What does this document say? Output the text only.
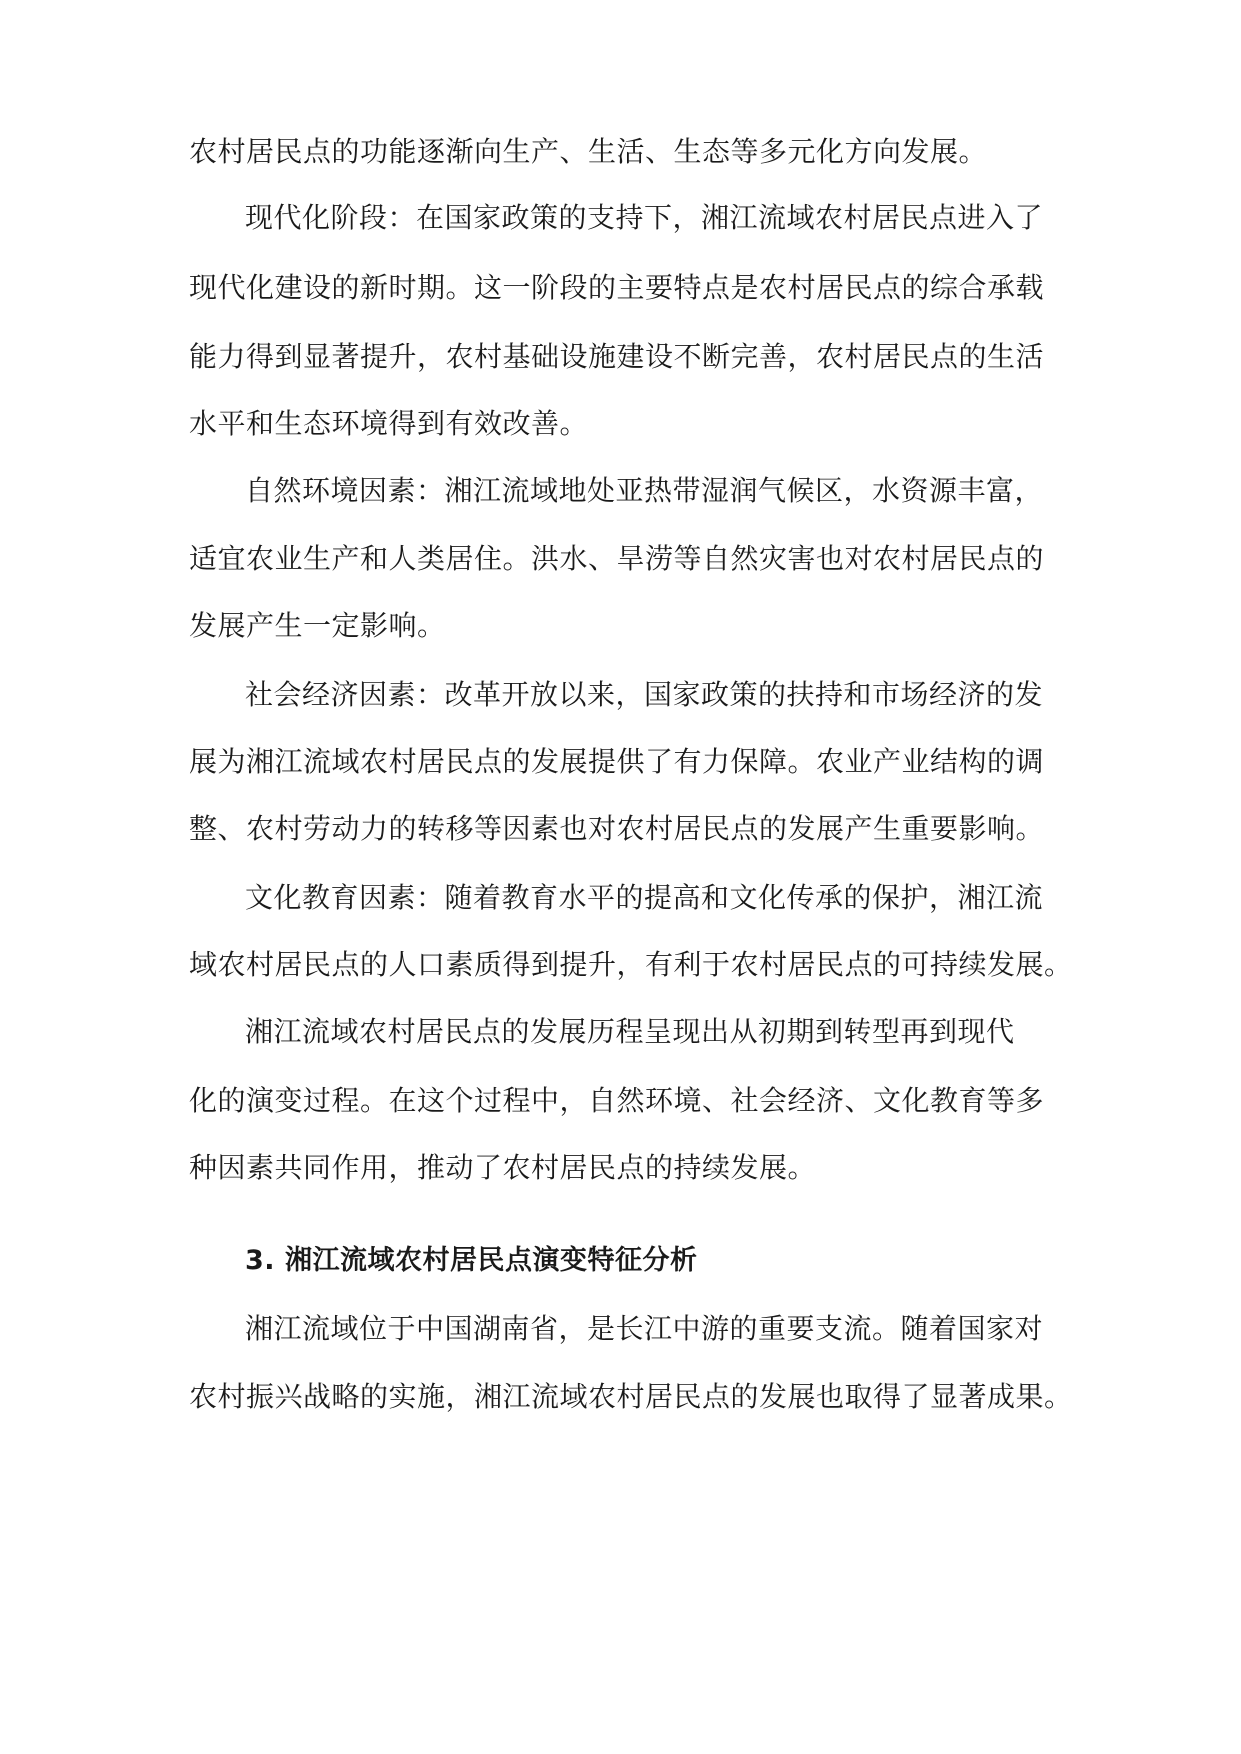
农村居民点的功能逐渐向生产、生活、生态等多元化方向发展。
现代化阶段：在国家政策的支持下，湘江流域农村居民点进入了
现代化建设的新时期。这一阶段的主要特点是农村居民点的综合承载
能力得到显著提升，农村基础设施建设不断完善，农村居民点的生活
水平和生态环境得到有效改善。
自然环境因素：湘江流域地处亚热带湿润气候区，水资源丰富，
适宜农业生产和人类居住。洪水、旱涝等自然灾害也对农村居民点的
发展产生一定影响。
社会经济因素：改革开放以来，国家政策的扶持和市场经济的发
展为湘江流域农村居民点的发展提供了有力保障。农业产业结构的调
整、农村劳动力的转移等因素也对农村居民点的发展产生重要影响。
文化教育因素：随着教育水平的提高和文化传承的保护，湘江流
域农村居民点的人口素质得到提升，有利于农村居民点的可持续发展。
湘江流域农村居民点的发展历程呈现出从初期到转型再到现代
化的演变过程。在这个过程中，自然环境、社会经济、文化教育等多
种因素共同作用，推动了农村居民点的持续发展。
3. 湘江流域农村居民点演变特征分析
湘江流域位于中国湖南省，是长江中游的重要支流。随着国家对
农村振兴战略的实施，湘江流域农村居民点的发展也取得了显著成果。
